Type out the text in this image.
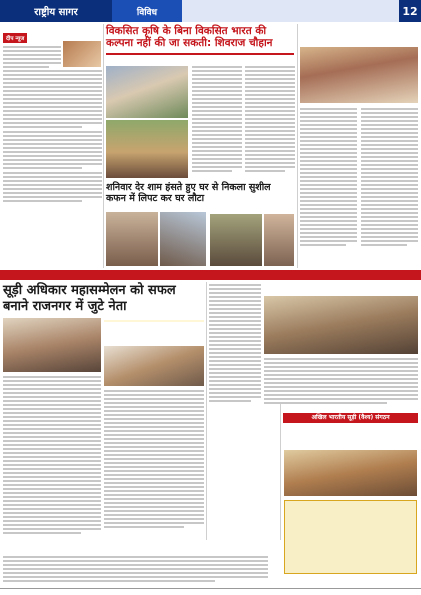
राष्ट्रीय सागर	विविध	12
दीप न्यूज
विकसित कृषि के बिना विकसित भारत की कल्पना नहीं की जा सकती: शिवराज चौहान
शनिवार देर शाम हंसते हुए घर से निकला सुशील कफन में लिपट कर घर लौटा
सूड़ी अधिकार महासम्मेलन को सफल बनाने राजनगर में जुटे नेता
अखिल भारतीय सूड़ी (वैश्य) संगठन
